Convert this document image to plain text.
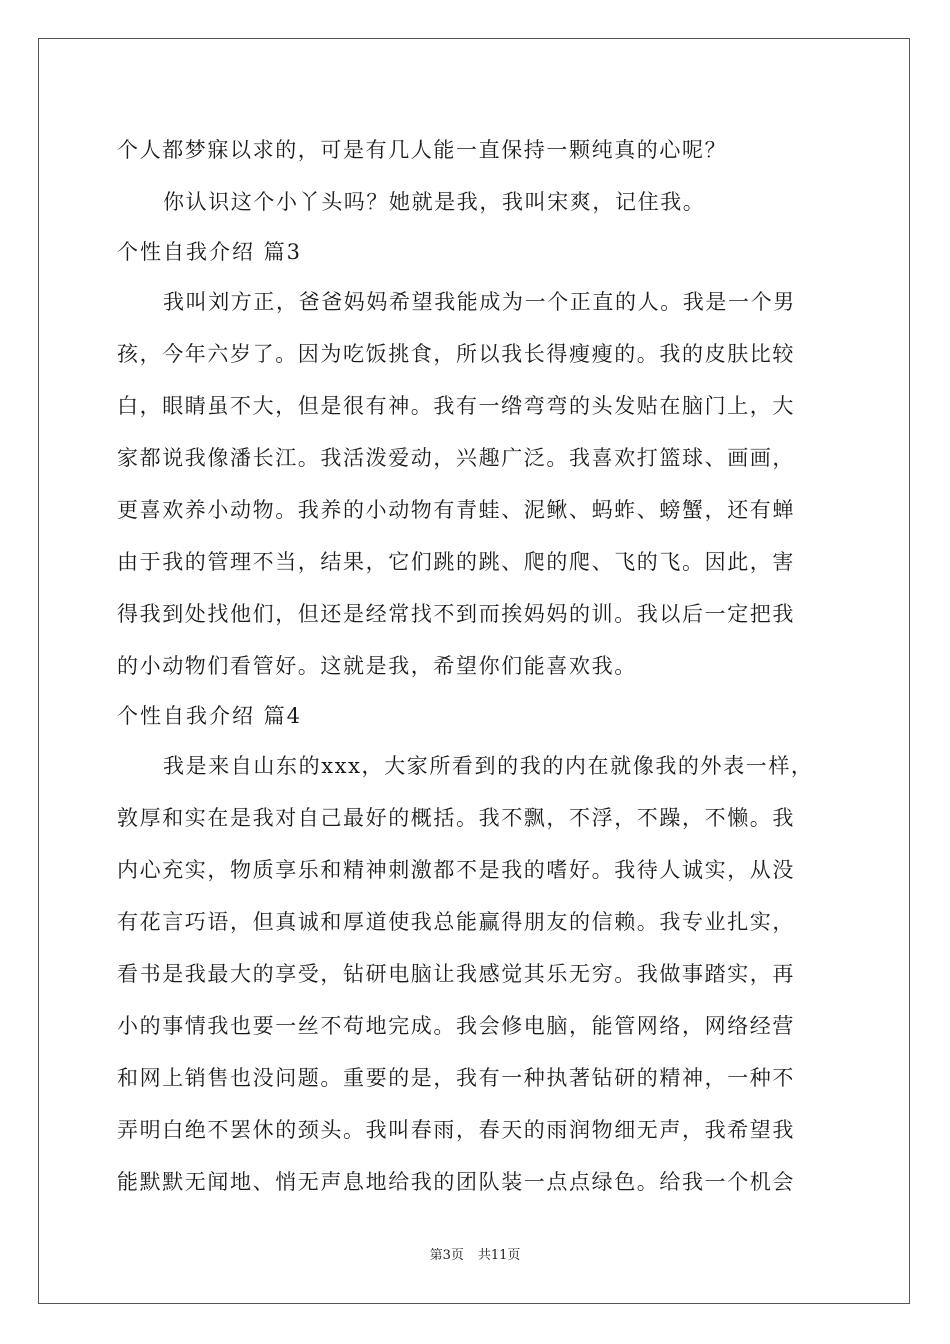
个人都梦寐以求的，可是有几人能一直保持一颗纯真的心呢？
你认识这个小丫头吗？她就是我，我叫宋爽，记住我。
个性自我介绍 篇3
我叫刘方正，爸爸妈妈希望我能成为一个正直的人。我是一个男
孩，今年六岁了。因为吃饭挑食，所以我长得瘦瘦的。我的皮肤比较
白，眼睛虽不大，但是很有神。我有一绺弯弯的头发贴在脑门上，大
家都说我像潘长江。我活泼爱动，兴趣广泛。我喜欢打篮球、画画，
更喜欢养小动物。我养的小动物有青蛙、泥鳅、蚂蚱、螃蟹，还有蝉
由于我的管理不当，结果，它们跳的跳、爬的爬、飞的飞。因此，害
得我到处找他们，但还是经常找不到而挨妈妈的训。我以后一定把我
的小动物们看管好。这就是我，希望你们能喜欢我。
个性自我介绍 篇4
我是来自山东的xxx，大家所看到的我的内在就像我的外表一样，
敦厚和实在是我对自己最好的概括。我不飘，不浮，不躁，不懒。我
内心充实，物质享乐和精神刺激都不是我的嗜好。我待人诚实，从没
有花言巧语，但真诚和厚道使我总能赢得朋友的信赖。我专业扎实，
看书是我最大的享受，钻研电脑让我感觉其乐无穷。我做事踏实，再
小的事情我也要一丝不苟地完成。我会修电脑，能管网络，网络经营
和网上销售也没问题。重要的是，我有一种执著钻研的精神，一种不
弄明白绝不罢休的颈头。我叫春雨，春天的雨润物细无声，我希望我
能默默无闻地、悄无声息地给我的团队装一点点绿色。给我一个机会
第3页 共11页
